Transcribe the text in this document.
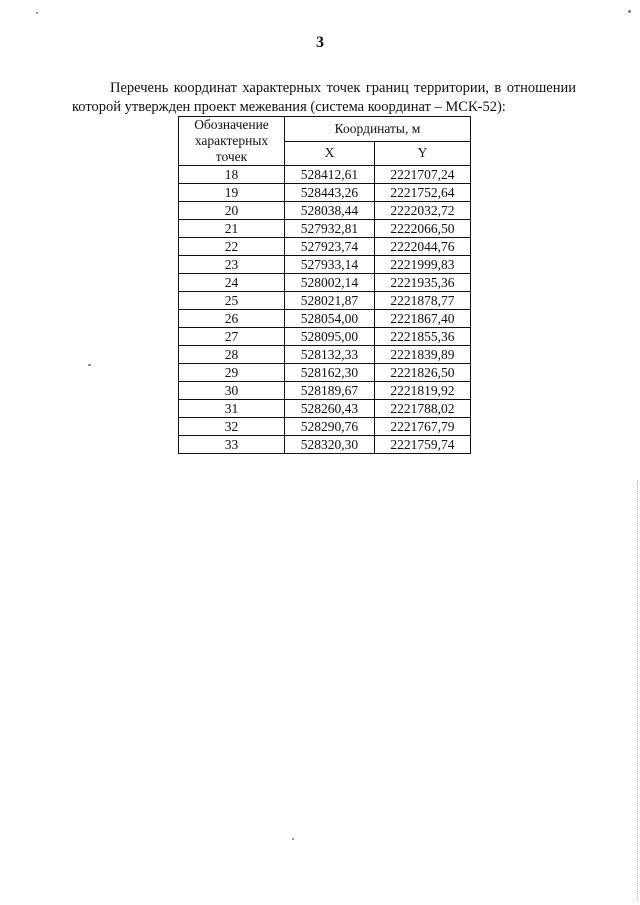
3

Перечень координат характерных точек границ территории, в отношении которой утвержден проект межевания (система координат – МСК-52):

Обозначение характерных точек	Координаты, м	
	X	Y
18	528412,61	2221707,24
19	528443,26	2221752,64
20	528038,44	2222032,72
21	527932,81	2222066,50
22	527923,74	2222044,76
23	527933,14	2221999,83
24	528002,14	2221935,36
25	528021,87	2221878,77
26	528054,00	2221867,40
27	528095,00	2221855,36
28	528132,33	2221839,89
29	528162,30	2221826,50
30	528189,67	2221819,92
31	528260,43	2221788,02
32	528290,76	2221767,79
33	528320,30	2221759,74
